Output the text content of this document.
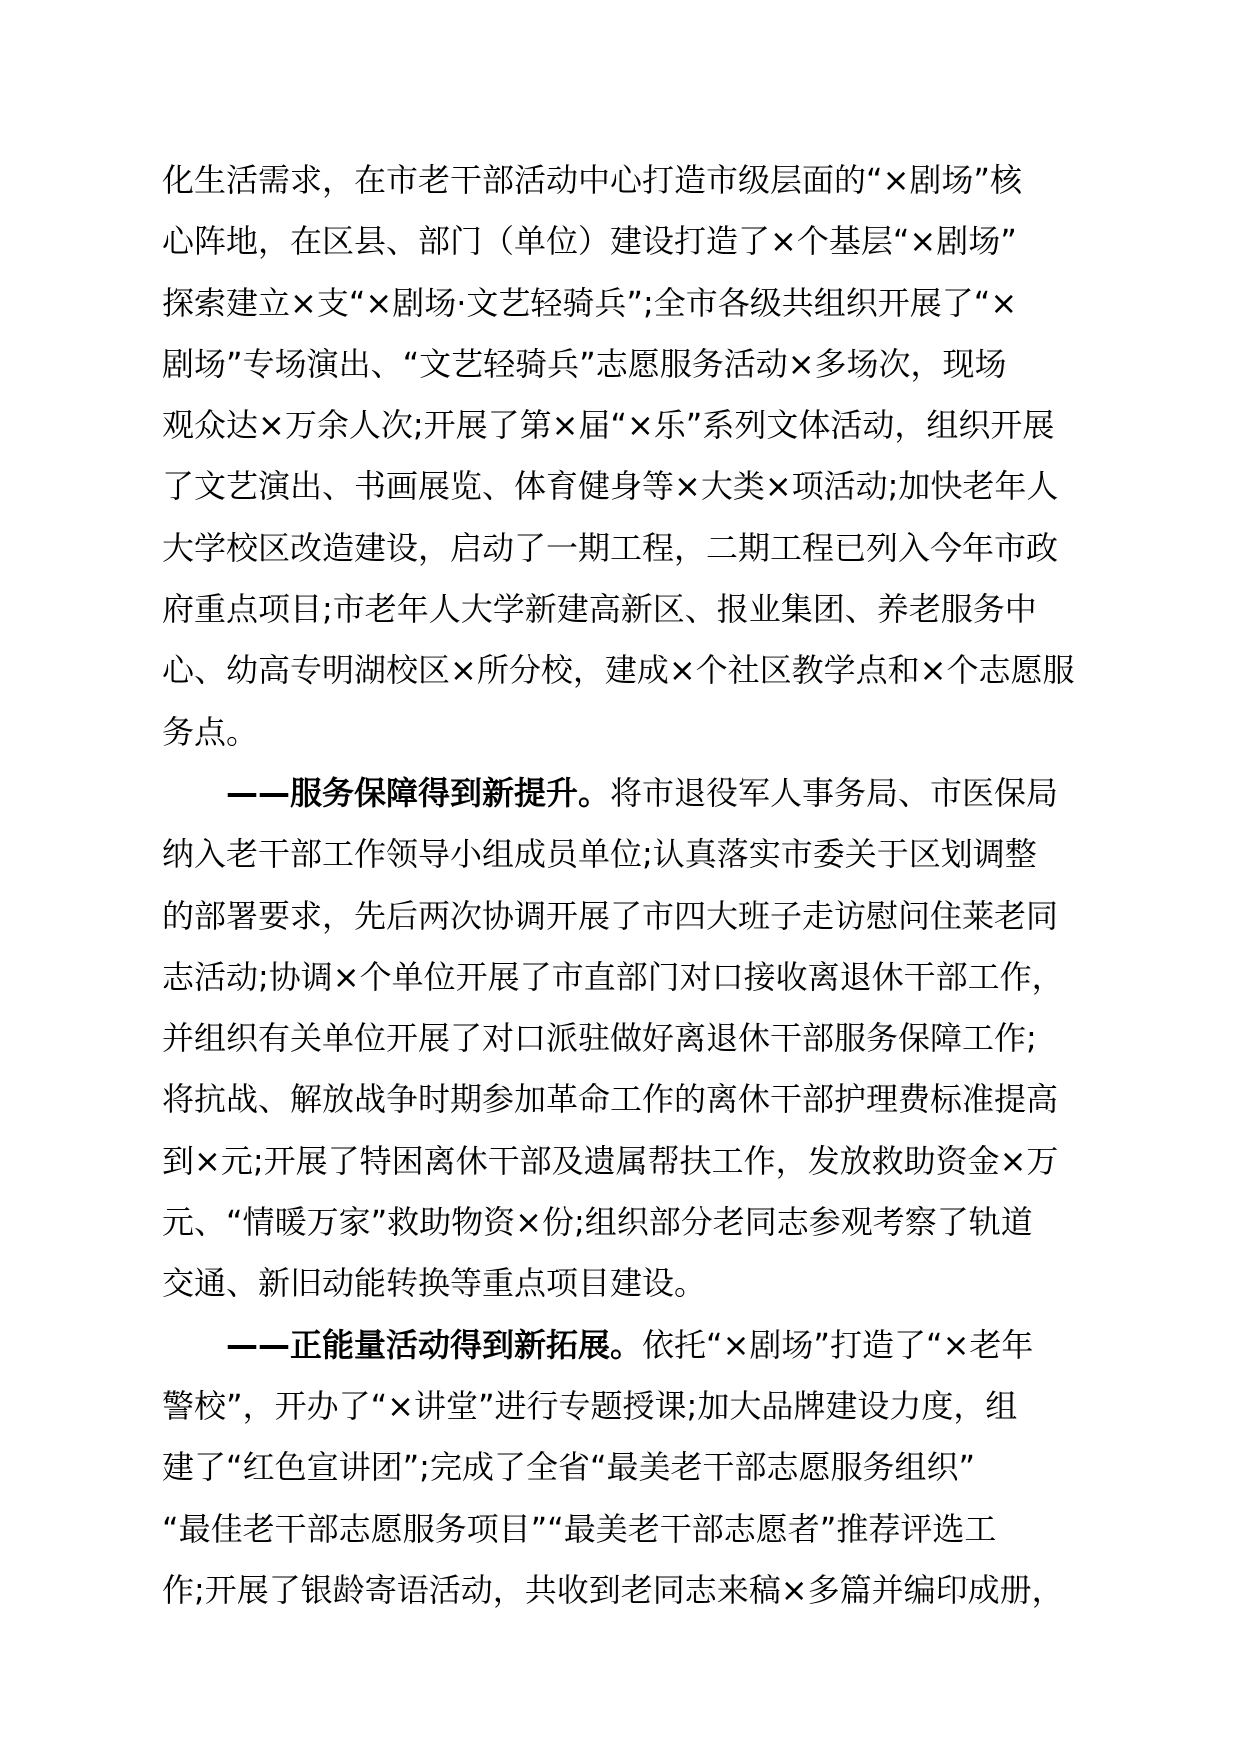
化生活需求，在市老干部活动中心打造市级层面的“×剧场”核
心阵地，在区县、部门（单位）建设打造了×个基层“×剧场”
探索建立×支“×剧场·文艺轻骑兵”;全市各级共组织开展了“×
剧场”专场演出、“文艺轻骑兵”志愿服务活动×多场次，现场
观众达×万余人次;开展了第×届“×乐”系列文体活动，组织开展
了文艺演出、书画展览、体育健身等×大类×项活动;加快老年人
大学校区改造建设，启动了一期工程，二期工程已列入今年市政
府重点项目;市老年人大学新建高新区、报业集团、养老服务中
心、幼高专明湖校区×所分校，建成×个社区教学点和×个志愿服
务点。

——服务保障得到新提升。将市退役军人事务局、市医保局
纳入老干部工作领导小组成员单位;认真落实市委关于区划调整
的部署要求，先后两次协调开展了市四大班子走访慰问住莱老同
志活动;协调×个单位开展了市直部门对口接收离退休干部工作，
并组织有关单位开展了对口派驻做好离退休干部服务保障工作;
将抗战、解放战争时期参加革命工作的离休干部护理费标准提高
到×元;开展了特困离休干部及遗属帮扶工作，发放救助资金×万
元、“情暖万家”救助物资×份;组织部分老同志参观考察了轨道
交通、新旧动能转换等重点项目建设。

——正能量活动得到新拓展。依托“×剧场”打造了“×老年
警校”，开办了“×讲堂”进行专题授课;加大品牌建设力度，组
建了“红色宣讲团”;完成了全省“最美老干部志愿服务组织”
“最佳老干部志愿服务项目”“最美老干部志愿者”推荐评选工
作;开展了银龄寄语活动，共收到老同志来稿×多篇并编印成册，
